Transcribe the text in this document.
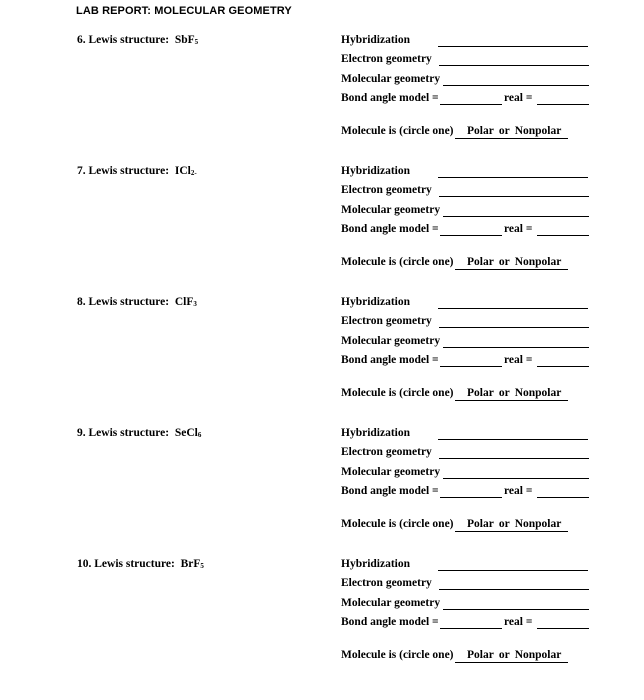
LAB REPORT: MOLECULAR GEOMETRY
6. Lewis structure: SbF$_5$	Hybridization
Electron geometry
Molecular geometry
Bond angle model =	real =
Molecule is (circle one)	Polar or Nonpolar
7. Lewis structure: ICl$_{2-}$	Hybridization
Electron geometry
Molecular geometry
Bond angle model =	real =
Molecule is (circle one)	Polar or Nonpolar
8. Lewis structure: ClF$_3$	Hybridization
Electron geometry
Molecular geometry
Bond angle model =	real =
Molecule is (circle one)	Polar or Nonpolar
9. Lewis structure: SeCl$_6$	Hybridization
Electron geometry
Molecular geometry
Bond angle model =	real =
Molecule is (circle one)	Polar or Nonpolar
10. Lewis structure: BrF$_5$	Hybridization
Electron geometry
Molecular geometry
Bond angle model =	real =
Molecule is (circle one)	Polar or Nonpolar
